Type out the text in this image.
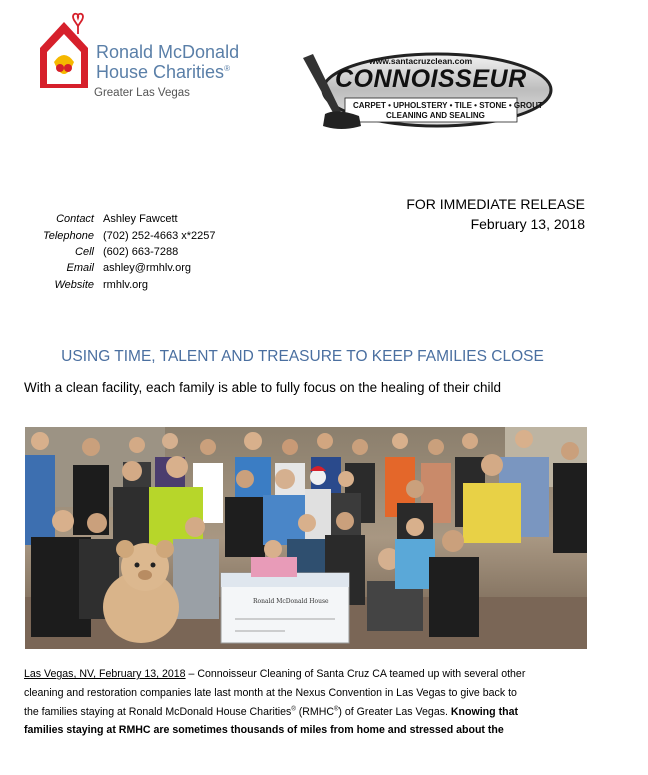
Ronald McDonald
House Charities®
Greater Las Vegas
www.santacruzclean.com
CONNOISSEUR
CARPET • UPHOLSTERY • TILE • STONE • GROUT
CLEANING AND SEALING
FOR IMMEDIATE RELEASE
February 13, 2018
Contact Ashley Fawcett
Telephone (702) 252-4663 x*2257
Cell (602) 663-7288
Email ashley@rmhlv.org
Website rmhlv.org
USING TIME, TALENT AND TREASURE TO KEEP FAMILIES CLOSE
With a clean facility, each family is able to fully focus on the healing of their child
Ronald McDonald House
Las Vegas, NV, February 13, 2018 – Connoisseur Cleaning of Santa Cruz CA teamed up with several other
cleaning and restoration companies late last month at the Nexus Convention in Las Vegas to give back to
the families staying at Ronald McDonald House Charities® (RMHC®) of Greater Las Vegas. Knowing that
families staying at RMHC are sometimes thousands of miles from home and stressed about the
